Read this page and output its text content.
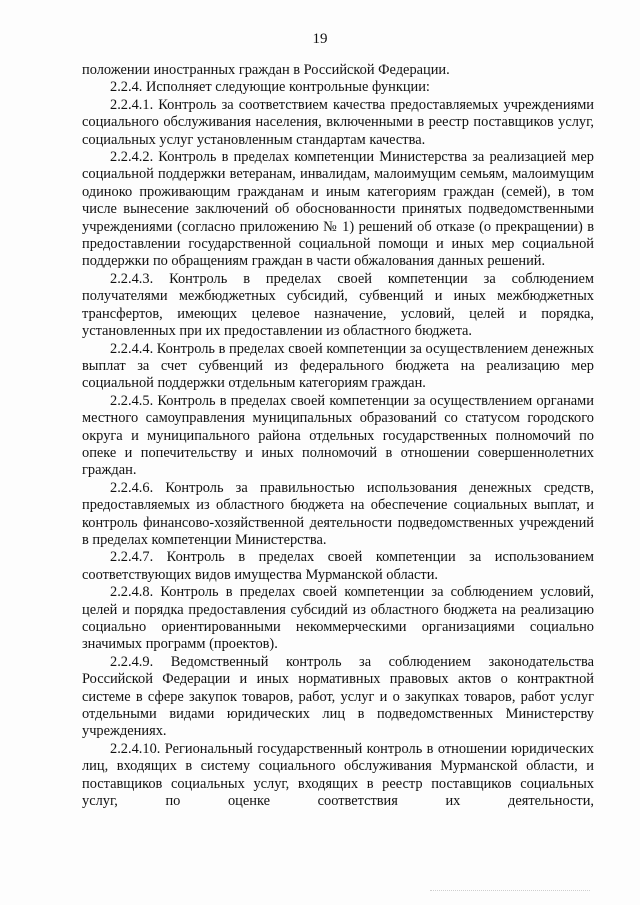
19

положении иностранных граждан в Российской Федерации.

2.2.4. Исполняет следующие контрольные функции:

2.2.4.1. Контроль за соответствием качества предоставляемых учреждениями социального обслуживания населения, включенными в реестр поставщиков услуг, социальных услуг установленным стандартам качества.

2.2.4.2. Контроль в пределах компетенции Министерства за реализацией мер социальной поддержки ветеранам, инвалидам, малоимущим семьям, малоимущим одиноко проживающим гражданам и иным категориям граждан (семей), в том числе вынесение заключений об обоснованности принятых подведомственными учреждениями (согласно приложению № 1) решений об отказе (о прекращении) в предоставлении государственной социальной помощи и иных мер социальной поддержки по обращениям граждан в части обжалования данных решений.

2.2.4.3. Контроль в пределах своей компетенции за соблюдением получателями межбюджетных субсидий, субвенций и иных межбюджетных трансфертов, имеющих целевое назначение, условий, целей и порядка, установленных при их предоставлении из областного бюджета.

2.2.4.4. Контроль в пределах своей компетенции за осуществлением денежных выплат за счет субвенций из федерального бюджета на реализацию мер социальной поддержки отдельным категориям граждан.

2.2.4.5. Контроль в пределах своей компетенции за осуществлением органами местного самоуправления муниципальных образований со статусом городского округа и муниципального района отдельных государственных полномочий по опеке и попечительству и иных полномочий в отношении совершеннолетних граждан.

2.2.4.6. Контроль за правильностью использования денежных средств, предоставляемых из областного бюджета на обеспечение социальных выплат, и контроль финансово-хозяйственной деятельности подведомственных учреждений в пределах компетенции Министерства.

2.2.4.7. Контроль в пределах своей компетенции за использованием соответствующих видов имущества Мурманской области.

2.2.4.8. Контроль в пределах своей компетенции за соблюдением условий, целей и порядка предоставления субсидий из областного бюджета на реализацию социально ориентированными некоммерческими организациями социально значимых программ (проектов).

2.2.4.9. Ведомственный контроль за соблюдением законодательства Российской Федерации и иных нормативных правовых актов о контрактной системе в сфере закупок товаров, работ, услуг и о закупках товаров, работ услуг отдельными видами юридических лиц в подведомственных Министерству учреждениях.

2.2.4.10. Региональный государственный контроль в отношении юридических лиц, входящих в систему социального обслуживания Мурманской области, и поставщиков социальных услуг, входящих в реестр поставщиков социальных услуг, по оценке соответствия их деятельности,
